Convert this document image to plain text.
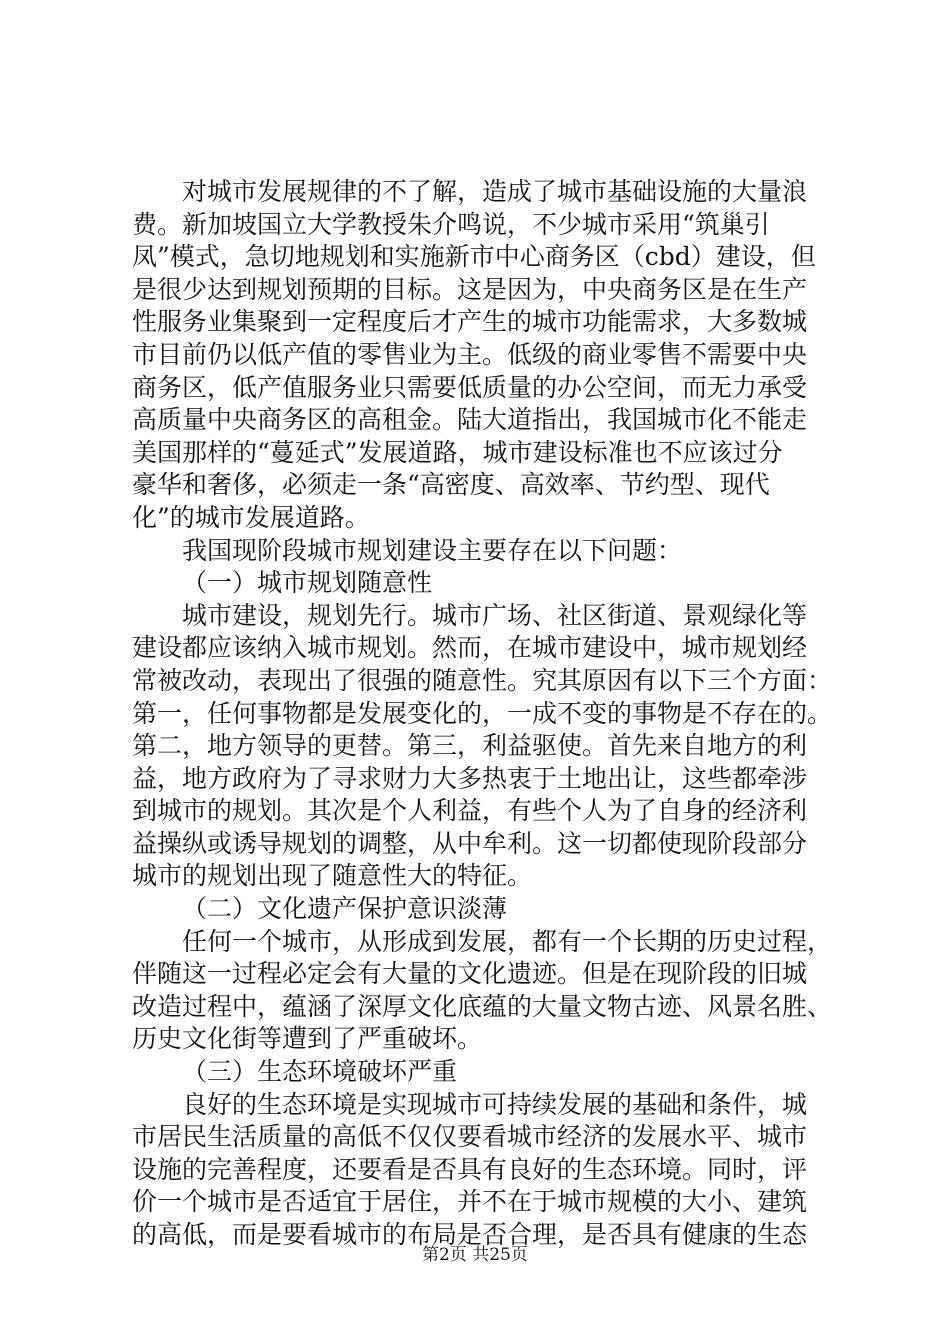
对城市发展规律的不了解，造成了城市基础设施的大量浪
费。新加坡国立大学教授朱介鸣说，不少城市采用“筑巢引
凤”模式，急切地规划和实施新市中心商务区（cbd）建设，但
是很少达到规划预期的目标。这是因为，中央商务区是在生产
性服务业集聚到一定程度后才产生的城市功能需求，大多数城
市目前仍以低产值的零售业为主。低级的商业零售不需要中央
商务区，低产值服务业只需要低质量的办公空间，而无力承受
高质量中央商务区的高租金。陆大道指出，我国城市化不能走
美国那样的“蔓延式”发展道路，城市建设标准也不应该过分
豪华和奢侈，必须走一条“高密度、高效率、节约型、现代
化”的城市发展道路。
我国现阶段城市规划建设主要存在以下问题：
（一）城市规划随意性
城市建设，规划先行。城市广场、社区街道、景观绿化等
建设都应该纳入城市规划。然而，在城市建设中，城市规划经
常被改动，表现出了很强的随意性。究其原因有以下三个方面：
第一，任何事物都是发展变化的，一成不变的事物是不存在的。
第二，地方领导的更替。第三，利益驱使。首先来自地方的利
益，地方政府为了寻求财力大多热衷于土地出让，这些都牵涉
到城市的规划。其次是个人利益，有些个人为了自身的经济利
益操纵或诱导规划的调整，从中牟利。这一切都使现阶段部分
城市的规划出现了随意性大的特征。
（二）文化遗产保护意识淡薄
任何一个城市，从形成到发展，都有一个长期的历史过程，
伴随这一过程必定会有大量的文化遗迹。但是在现阶段的旧城
改造过程中，蕴涵了深厚文化底蕴的大量文物古迹、风景名胜、
历史文化街等遭到了严重破坏。
（三）生态环境破坏严重
良好的生态环境是实现城市可持续发展的基础和条件，城
市居民生活质量的高低不仅仅要看城市经济的发展水平、城市
设施的完善程度，还要看是否具有良好的生态环境。同时，评
价一个城市是否适宜于居住，并不在于城市规模的大小、建筑
的高低，而是要看城市的布局是否合理，是否具有健康的生态
第2页 共25页
